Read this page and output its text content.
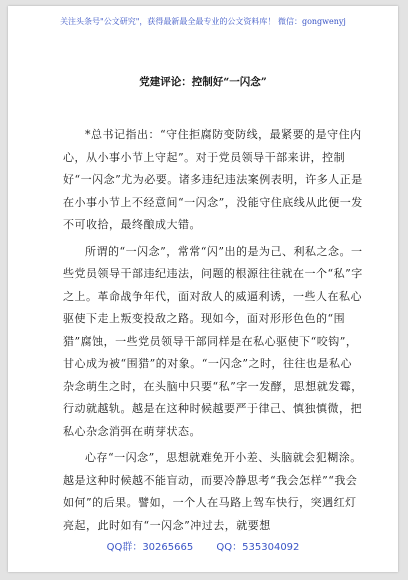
关注头条号"公文研究"，获得最新最全最专业的公文资料库！ 微信：gongwenyj
党建评论：控制好“一闪念”

*总书记指出：“守住拒腐防变防线，最紧要的是守住内心，从小事小节上守起”。对于党员领导干部来讲，控制好“一闪念”尤为必要。诸多违纪违法案例表明，许多人正是在小事小节上不经意间“一闪念”，没能守住底线从此便一发不可收拾，最终酿成大错。

所谓的“一闪念”，常常“闪”出的是为己、利私之念。一些党员领导干部违纪违法，问题的根源往往就在一个“私”字之上。革命战争年代，面对敌人的威逼利诱，一些人在私心驱使下走上叛变投敌之路。现如今，面对形形色色的“围猎”腐蚀，一些党员领导干部同样是在私心驱使下“咬钩”，甘心成为被“围猎”的对象。“一闪念”之时，往往也是私心杂念萌生之时，在头脑中只要“私”字一发酵，思想就发霉，行动就越轨。越是在这种时候越要严于律己、慎独慎微，把私心杂念消弭在萌芽状态。

心存“一闪念”，思想就难免开小差、头脑就会犯糊涂。越是这种时候越不能盲动，而要冷静思考“我会怎样”“我会如何”的后果。譬如，一个人在马路上驾车快行，突遇红灯亮起，此时如有“一闪念”冲过去，就要想

QQ群：30265665 QQ：535304092
